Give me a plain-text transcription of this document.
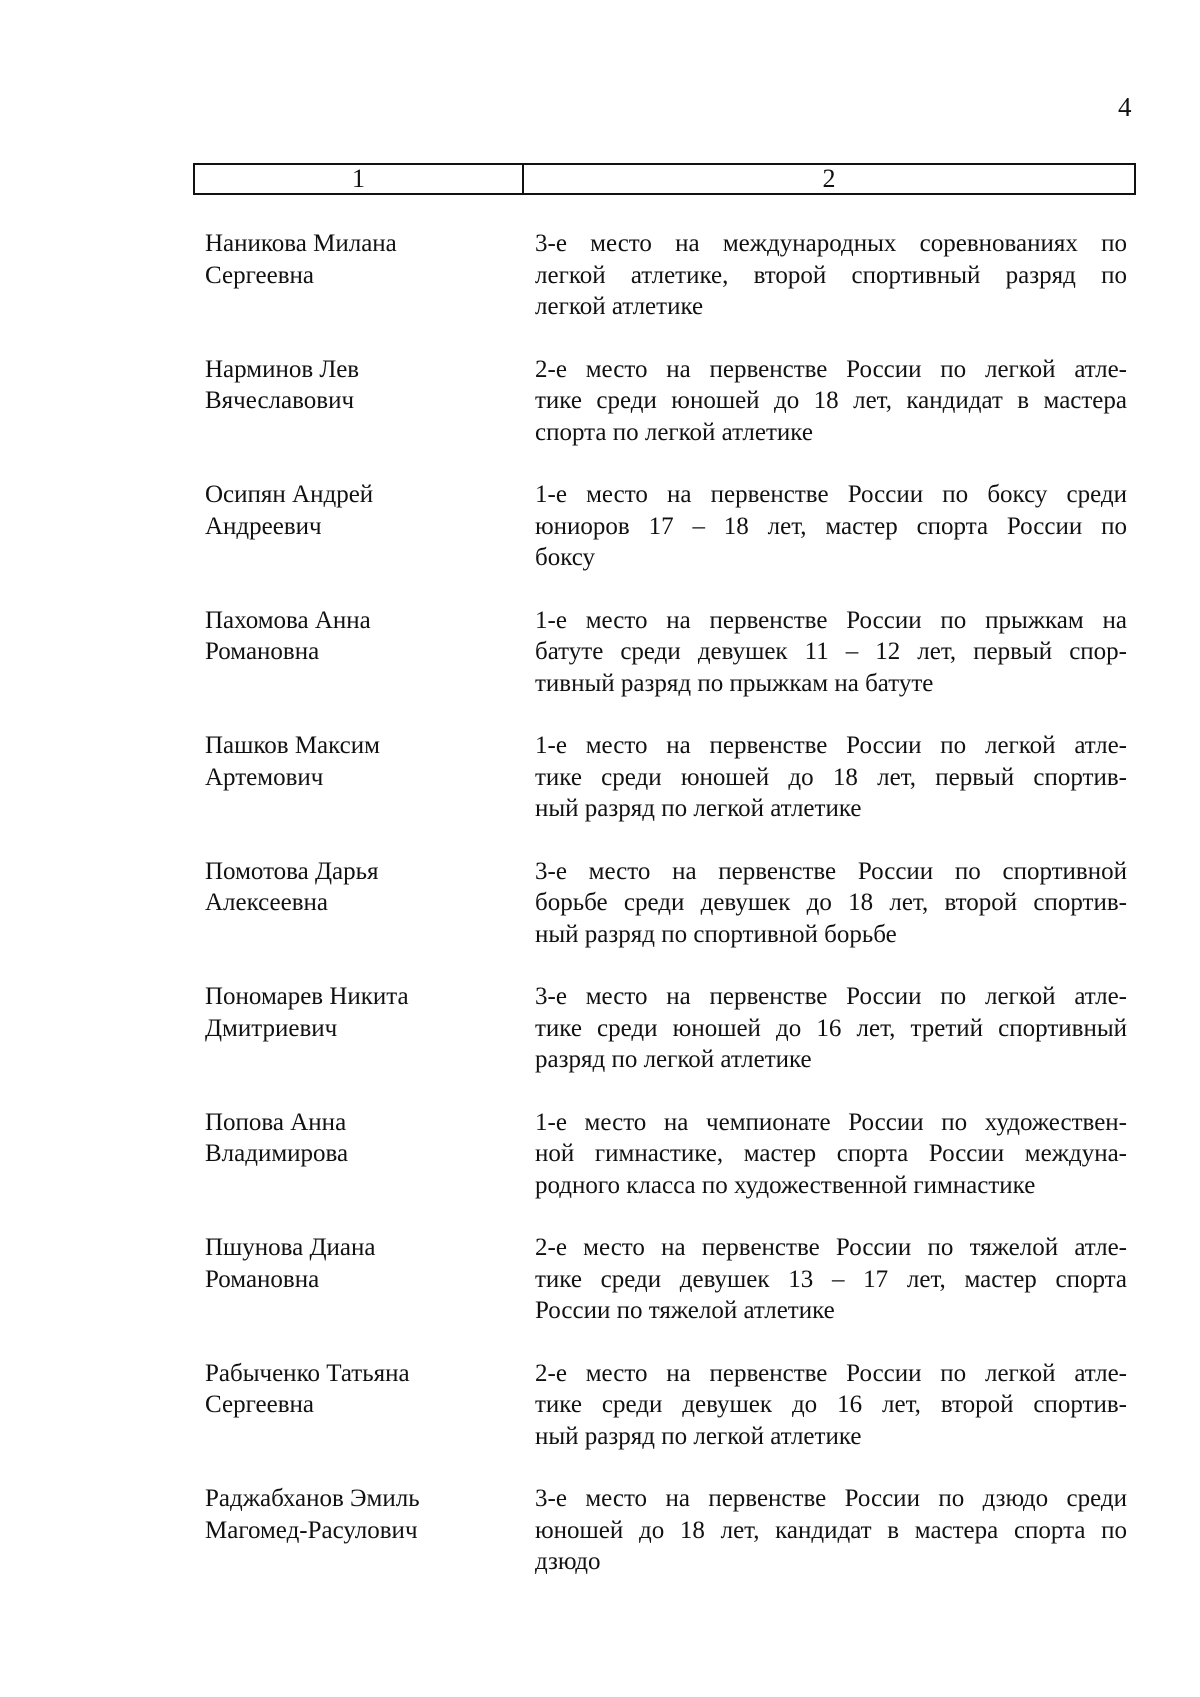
4
1	2
Наникова Милана
Сергеевна
3-е место на международных соревнованиях по
легкой атлетике, второй спортивный разряд по
легкой атлетике
Нарминов Лев
Вячеславович
2-е место на первенстве России по легкой атле-
тике среди юношей до 18 лет, кандидат в мастера
спорта по легкой атлетике
Осипян Андрей
Андреевич
1-е место на первенстве России по боксу среди
юниоров 17 – 18 лет, мастер спорта России по
боксу
Пахомова Анна
Романовна
1-е место на первенстве России по прыжкам на
батуте среди девушек 11 – 12 лет, первый спор-
тивный разряд по прыжкам на батуте
Пашков Максим
Артемович
1-е место на первенстве России по легкой атле-
тике среди юношей до 18 лет, первый спортив-
ный разряд по легкой атлетике
Помотова Дарья
Алексеевна
3-е место на первенстве России по спортивной
борьбе среди девушек до 18 лет, второй спортив-
ный разряд по спортивной борьбе
Пономарев Никита
Дмитриевич
3-е место на первенстве России по легкой атле-
тике среди юношей до 16 лет, третий спортивный
разряд по легкой атлетике
Попова Анна
Владимирова
1-е место на чемпионате России по художествен-
ной гимнастике, мастер спорта России междуна-
родного класса по художественной гимнастике
Пшунова Диана
Романовна
2-е место на первенстве России по тяжелой атле-
тике среди девушек 13 – 17 лет, мастер спорта
России по тяжелой атлетике
Рабыченко Татьяна
Сергеевна
2-е место на первенстве России по легкой атле-
тике среди девушек до 16 лет, второй спортив-
ный разряд по легкой атлетике
Раджабханов Эмиль
Магомед-Расулович
3-е место на первенстве России по дзюдо среди
юношей до 18 лет, кандидат в мастера спорта по
дзюдо
